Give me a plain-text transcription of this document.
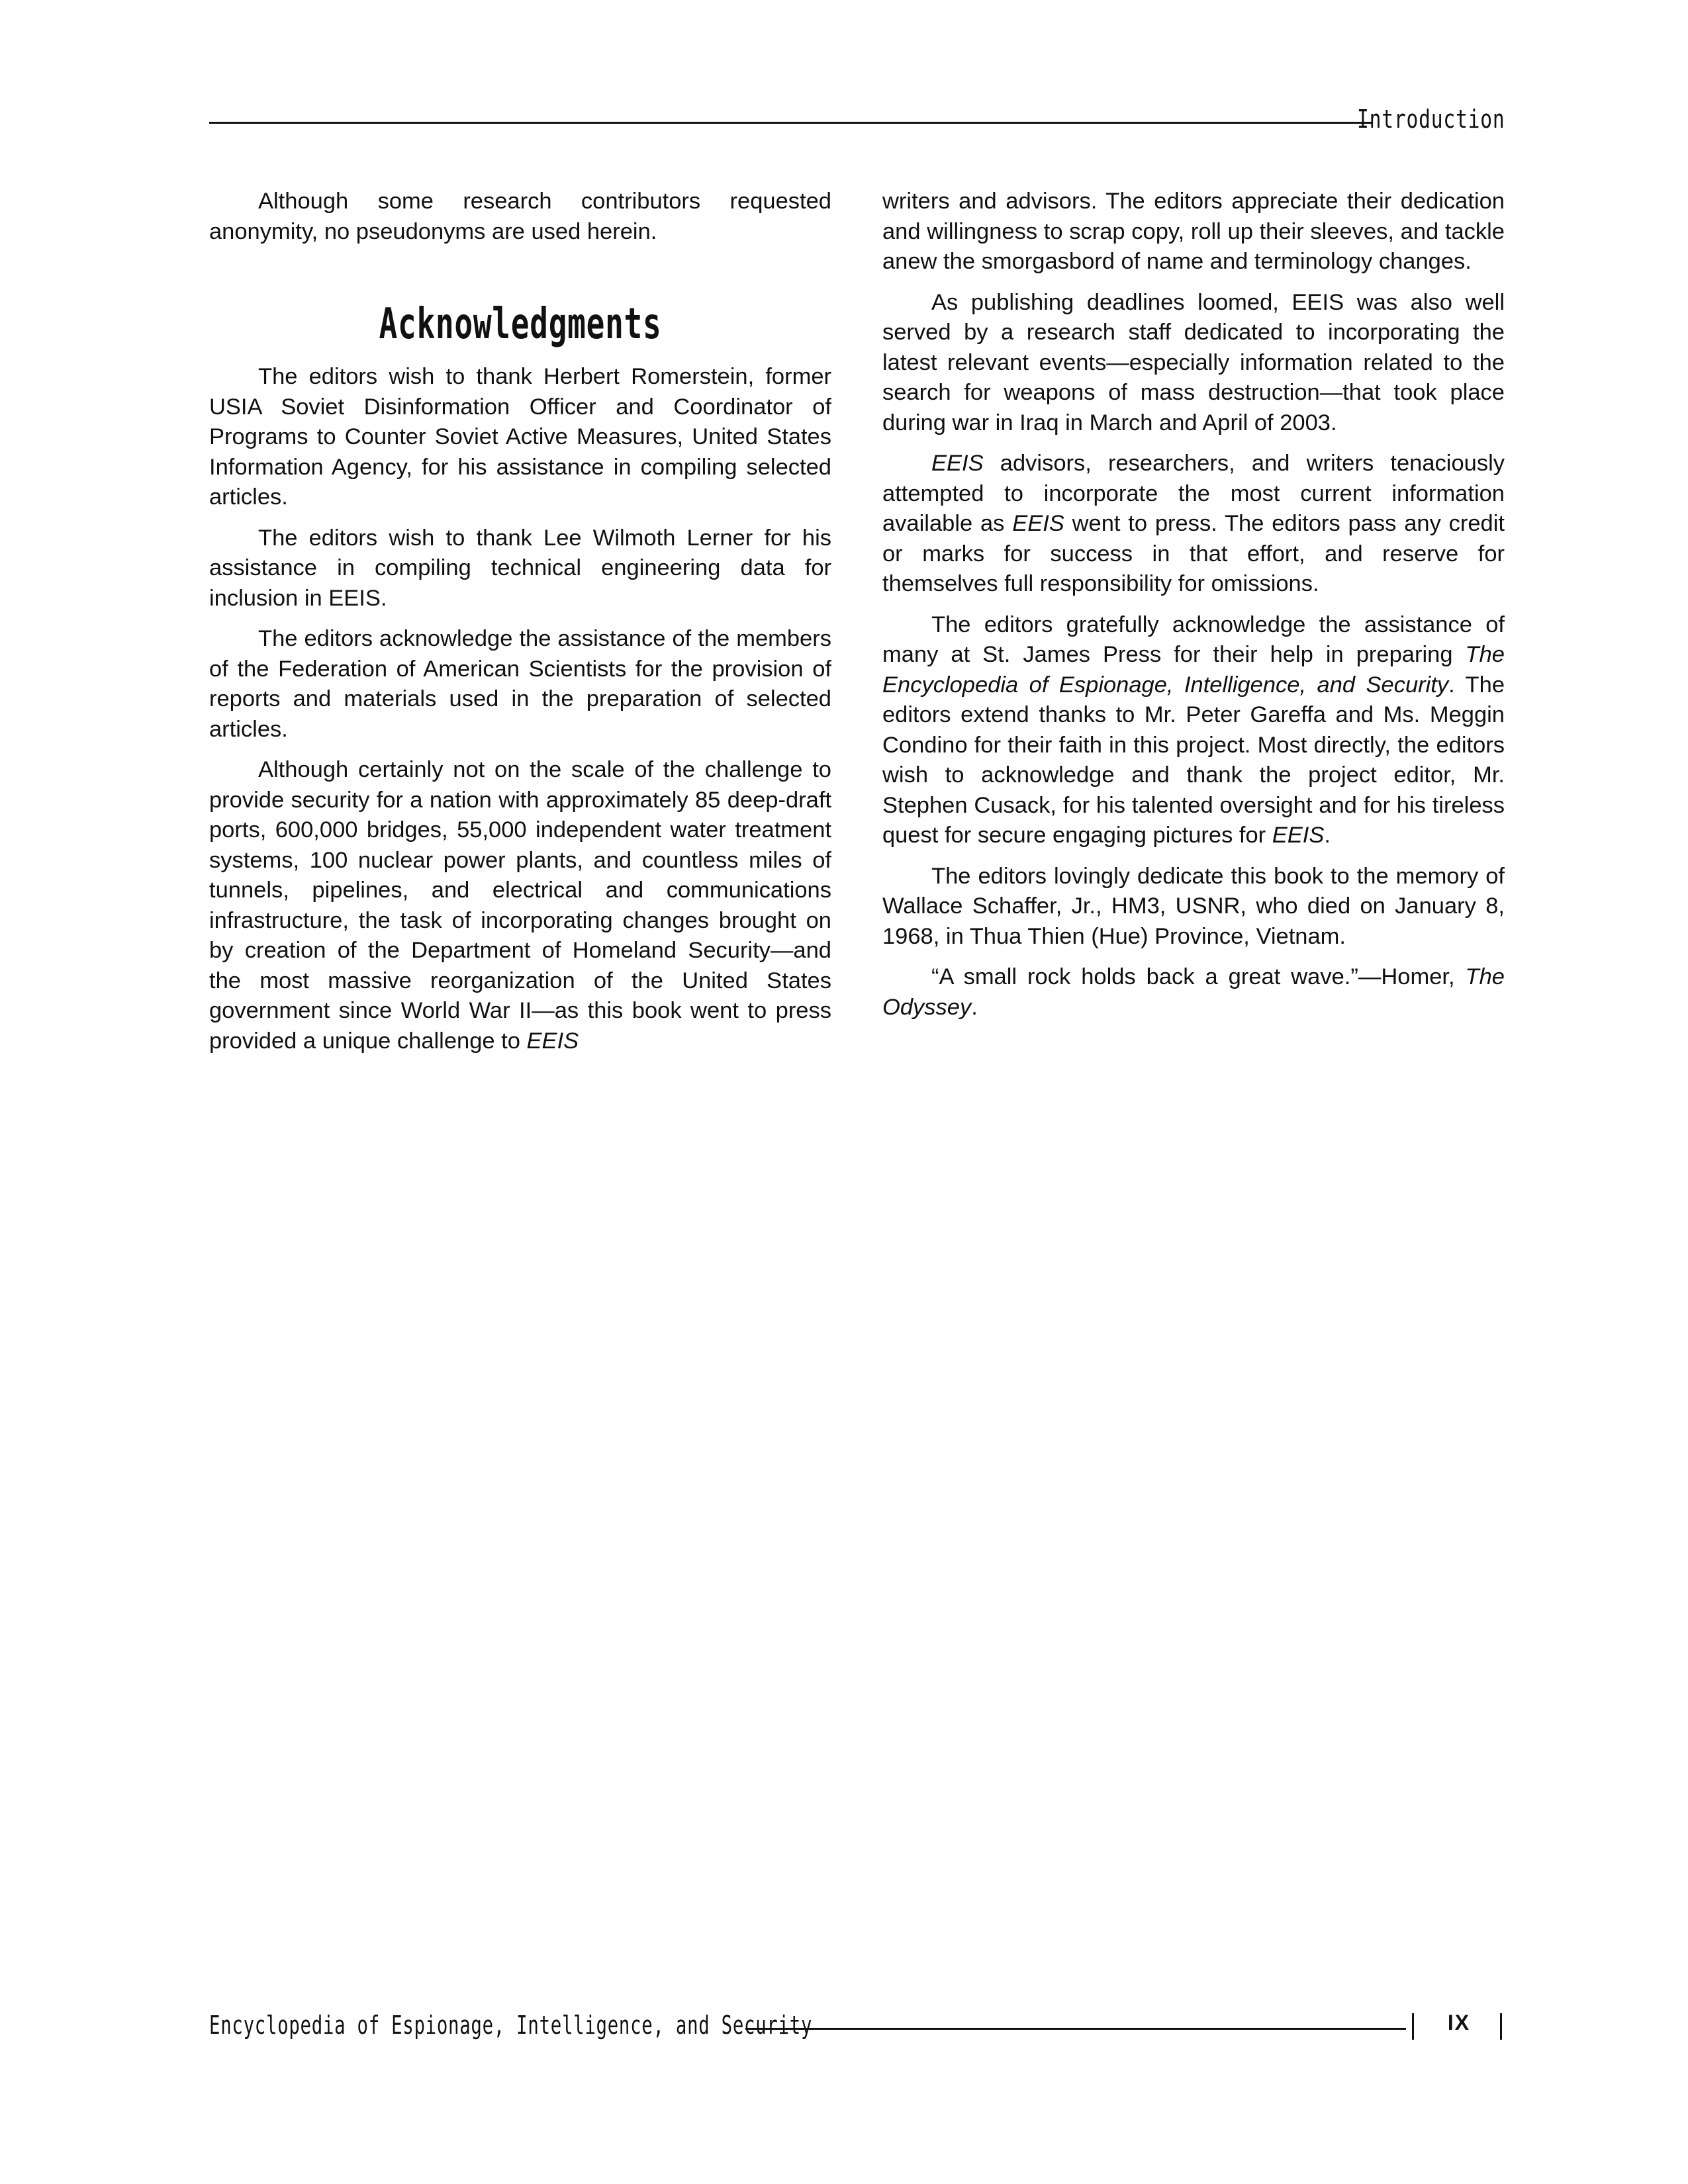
Introduction

Although some research contributors requested anonymity, no pseudonyms are used herein.

Acknowledgments

The editors wish to thank Herbert Romerstein, former USIA Soviet Disinformation Officer and Coordinator of Programs to Counter Soviet Active Measures, United States Information Agency, for his assistance in compiling selected articles.

The editors wish to thank Lee Wilmoth Lerner for his assistance in compiling technical engineering data for inclusion in EEIS.

The editors acknowledge the assistance of the members of the Federation of American Scientists for the provision of reports and materials used in the preparation of selected articles.

Although certainly not on the scale of the challenge to provide security for a nation with approximately 85 deep-draft ports, 600,000 bridges, 55,000 independent water treatment systems, 100 nuclear power plants, and countless miles of tunnels, pipelines, and electrical and communications infrastructure, the task of incorporating changes brought on by creation of the Department of Homeland Security—and the most massive reorganization of the United States government since World War II—as this book went to press provided a unique challenge to EEIS

writers and advisors. The editors appreciate their dedication and willingness to scrap copy, roll up their sleeves, and tackle anew the smorgasbord of name and terminology changes.

As publishing deadlines loomed, EEIS was also well served by a research staff dedicated to incorporating the latest relevant events—especially information related to the search for weapons of mass destruction—that took place during war in Iraq in March and April of 2003.

EEIS advisors, researchers, and writers tenaciously attempted to incorporate the most current information available as EEIS went to press. The editors pass any credit or marks for success in that effort, and reserve for themselves full responsibility for omissions.

The editors gratefully acknowledge the assistance of many at St. James Press for their help in preparing The Encyclopedia of Espionage, Intelligence, and Security. The editors extend thanks to Mr. Peter Gareffa and Ms. Meggin Condino for their faith in this project. Most directly, the editors wish to acknowledge and thank the project editor, Mr. Stephen Cusack, for his talented oversight and for his tireless quest for secure engaging pictures for EEIS.

The editors lovingly dedicate this book to the memory of Wallace Schaffer, Jr., HM3, USNR, who died on January 8, 1968, in Thua Thien (Hue) Province, Vietnam.

“A small rock holds back a great wave.”—Homer, The Odyssey.

Encyclopedia of Espionage, Intelligence, and Security	IX
